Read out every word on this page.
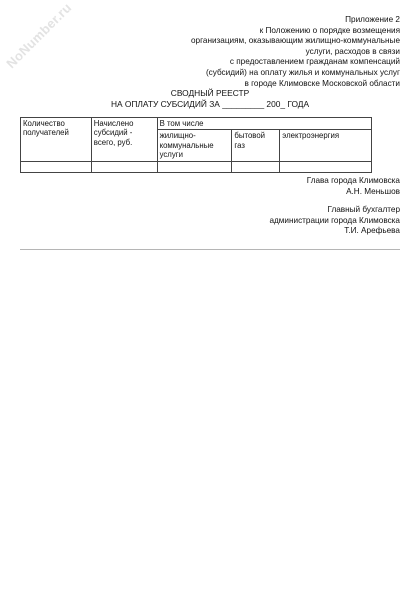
NoNumber.ru	Приложение 2
к Положению о порядке возмещения
организациям, оказывающим жилищно-коммунальные
услуги, расходов в связи
с предоставлением гражданам компенсаций
(субсидий) на оплату жилья и коммунальных услуг
в городе Климовске Московской области
СВОДНЫЙ РЕЕСТР
НА ОПЛАТУ СУБСИДИЙ ЗА _________ 200_ ГОДА
Количество получателей	Начислено субсидий - всего, руб.	В том числе		
		жилищно-коммунальные услуги	бытовой газ	электроэнергия

Глава города Климовска
А.Н. Меньшов
Главный бухгалтер
администрации города Климовска
Т.И. Арефьева
